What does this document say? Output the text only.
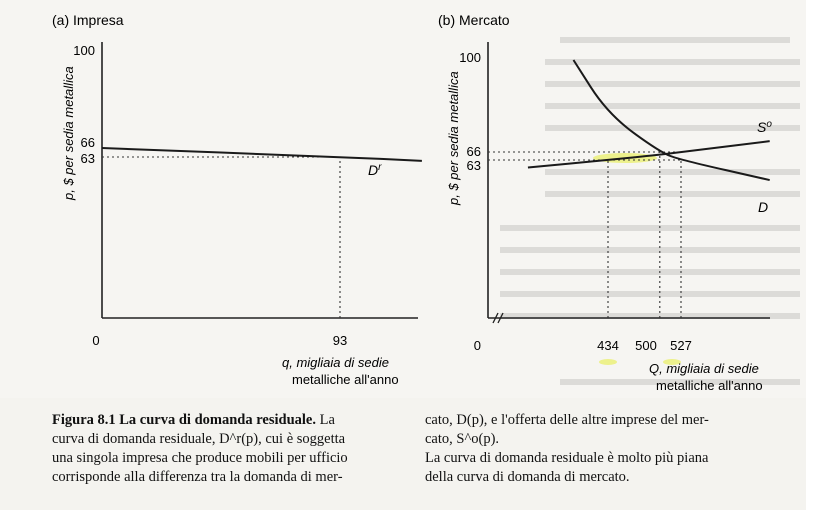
(a) Impresa	(b) Mercato
p, $ per sedia metallica	p, $ per sedia metallica
100
66
63
0	93
q, migliaia di sedie
metalliche all'anno
$D^r$
100
66
63
0	434 500 527
Q, migliaia di sedie
metalliche all'anno
$S^o$
D
Figura 8.1 La curva di domanda residuale. La
curva di domanda residuale, D^r(p), cui è soggetta
una singola impresa che produce mobili per ufficio
corrisponde alla differenza tra la domanda di mer-
cato, D(p), e l'offerta delle altre imprese del mer-
cato, S^o(p).
La curva di domanda residuale è molto più piana
della curva di domanda di mercato.
